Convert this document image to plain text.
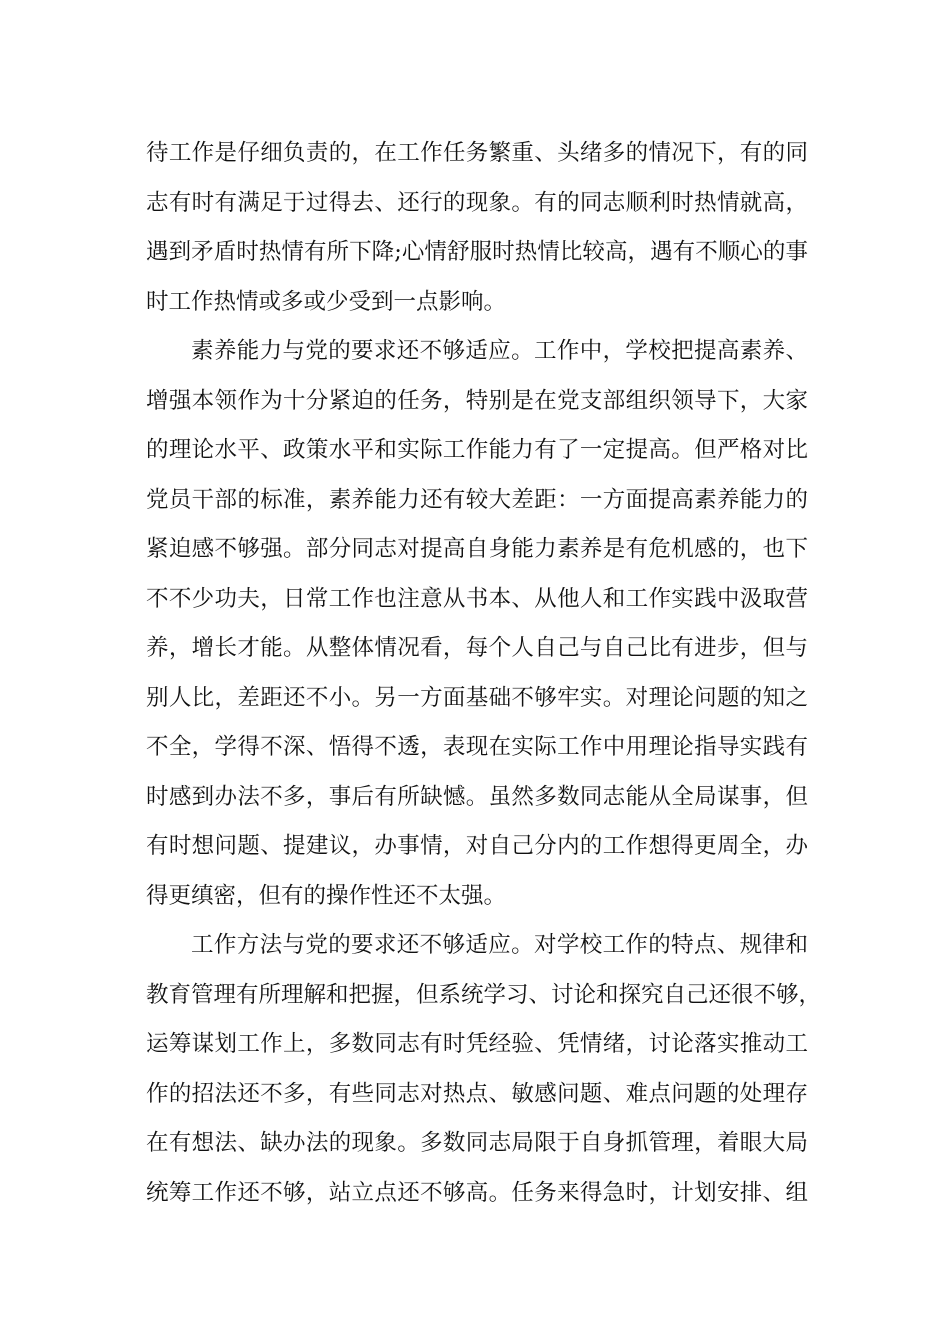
待工作是仔细负责的，在工作任务繁重、头绪多的情况下，有的同
志有时有满足于过得去、还行的现象。有的同志顺利时热情就高，
遇到矛盾时热情有所下降;心情舒服时热情比较高，遇有不顺心的事
时工作热情或多或少受到一点影响。
素养能力与党的要求还不够适应。工作中，学校把提高素养、
增强本领作为十分紧迫的任务，特别是在党支部组织领导下，大家
的理论水平、政策水平和实际工作能力有了一定提高。但严格对比
党员干部的标准，素养能力还有较大差距：一方面提高素养能力的
紧迫感不够强。部分同志对提高自身能力素养是有危机感的，也下
不不少功夫，日常工作也注意从书本、从他人和工作实践中汲取营
养，增长才能。从整体情况看，每个人自己与自己比有进步，但与
别人比，差距还不小。另一方面基础不够牢实。对理论问题的知之
不全，学得不深、悟得不透，表现在实际工作中用理论指导实践有
时感到办法不多，事后有所缺憾。虽然多数同志能从全局谋事，但
有时想问题、提建议，办事情，对自己分内的工作想得更周全，办
得更缜密，但有的操作性还不太强。
工作方法与党的要求还不够适应。对学校工作的特点、规律和
教育管理有所理解和把握，但系统学习、讨论和探究自己还很不够，
运筹谋划工作上，多数同志有时凭经验、凭情绪，讨论落实推动工
作的招法还不多，有些同志对热点、敏感问题、难点问题的处理存
在有想法、缺办法的现象。多数同志局限于自身抓管理，着眼大局
统筹工作还不够，站立点还不够高。任务来得急时，计划安排、组
